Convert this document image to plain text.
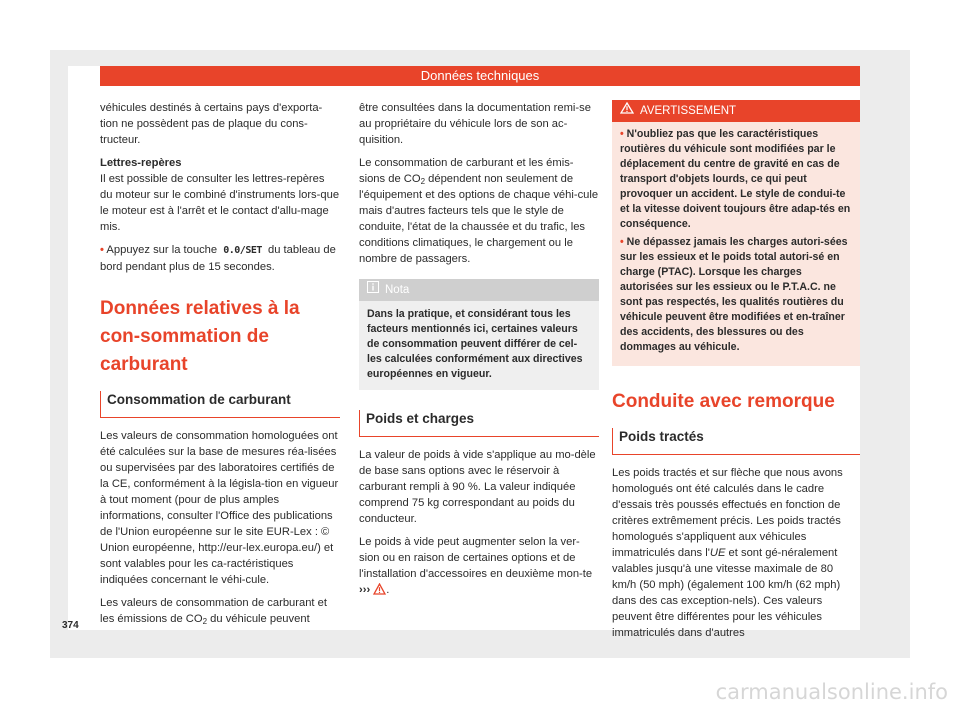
Données techniques

véhicules destinés à certains pays d'exporta-tion ne possèdent pas de plaque du cons-tructeur.

Lettres-repères

Il est possible de consulter les lettres-repères du moteur sur le combiné d'instruments lors-que le moteur est à l'arrêt et le contact d'allu-mage mis.

• Appuyez sur la touche 0.0/SET du tableau de bord pendant plus de 15 secondes.

Données relatives à la con-sommation de carburant
Consommation de carburant

Les valeurs de consommation homologuées ont été calculées sur la base de mesures réa-lisées ou supervisées par des laboratoires certifiés de la CE, conformément à la législa-tion en vigueur à tout moment (pour de plus amples informations, consulter l'Office des publications de l'Union européenne sur le site EUR-Lex : © Union européenne, http://eur-lex.europa.eu/) et sont valables pour les ca-ractéristiques indiquées concernant le véhi-cule.

Les valeurs de consommation de carburant et les émissions de $CO_2$ du véhicule peuvent

être consultées dans la documentation remi-se au propriétaire du véhicule lors de son ac-quisition.

Le consommation de carburant et les émis-sions de $CO_2$ dépendent non seulement de l'équipement et des options de chaque véhi-cule mais d'autres facteurs tels que le style de conduite, l'état de la chaussée et du trafic, les conditions climatiques, le chargement ou le nombre de passagers.

Nota
Dans la pratique, et considérant tous les facteurs mentionnés ici, certaines valeurs de consommation peuvent différer de cel-les calculées conformément aux directives européennes en vigueur.
Poids et charges

La valeur de poids à vide s'applique au mo-dèle de base sans options avec le réservoir à carburant rempli à 90 %. La valeur indiquée comprend 75 kg correspondant au poids du conducteur.

Le poids à vide peut augmenter selon la ver-sion ou en raison de certaines options et de l'installation d'accessoires en deuxième mon-te ››› .

AVERTISSEMENT

• N'oubliez pas que les caractéristiques routières du véhicule sont modifiées par le déplacement du centre de gravité en cas de transport d'objets lourds, ce qui peut provoquer un accident. Le style de condui-te et la vitesse doivent toujours être adap-tés en conséquence.

• Ne dépassez jamais les charges autori-sées sur les essieux et le poids total autori-sé en charge (PTAC). Lorsque les charges autorisées sur les essieux ou le P.T.A.C. ne sont pas respectés, les qualités routières du véhicule peuvent être modifiées et en-traîner des accidents, des blessures ou des dommages au véhicule.

Conduite avec remorque
Poids tractés

Les poids tractés et sur flèche que nous avons homologués ont été calculés dans le cadre d'essais très poussés effectués en fonction de critères extrêmement précis. Les poids tractés homologués s'appliquent aux véhicules immatriculés dans l'UE et sont gé-néralement valables jusqu'à une vitesse maximale de 80 km/h (50 mph) (également 100 km/h (62 mph) dans des cas exception-nels). Ces valeurs peuvent être différentes pour les véhicules immatriculés dans d'autres

374
carmanualsonline.info
